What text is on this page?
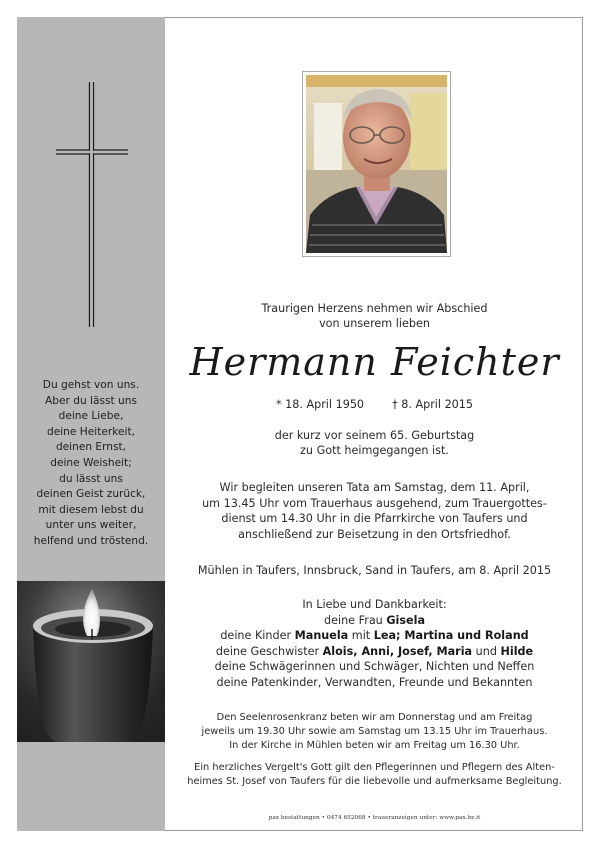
Du gehst von uns.
Aber du lässt uns
deine Liebe,
deine Heiterkeit,
deinen Ernst,
deine Weisheit;
du lässt uns
deinen Geist zurück,
mit diesem lebst du
unter uns weiter,
helfend und tröstend.
Traurigen Herzens nehmen wir Abschied
von unserem lieben
Hermann Feichter
* 18. April 1950	† 8. April 2015
der kurz vor seinem 65. Geburtstag
zu Gott heimgegangen ist.
Wir begleiten unseren Tata am Samstag, dem 11. April,
um 13.45 Uhr vom Trauerhaus ausgehend, zum Trauergottes-
dienst um 14.30 Uhr in die Pfarrkirche von Taufers und
anschließend zur Beisetzung in den Ortsfriedhof.
Mühlen in Taufers, Innsbruck, Sand in Taufers, am 8. April 2015
In Liebe und Dankbarkeit:
deine Frau Gisela
deine Kinder Manuela mit Lea; Martina und Roland
deine Geschwister Alois, Anni, Josef, Maria und Hilde
deine Schwägerinnen und Schwäger, Nichten und Neffen
deine Patenkinder, Verwandten, Freunde und Bekannten
Den Seelenrosenkranz beten wir am Donnerstag und am Freitag
jeweils um 19.30 Uhr sowie am Samstag um 13.15 Uhr im Trauerhaus.
In der Kirche in Mühlen beten wir am Freitag um 16.30 Uhr.
Ein herzliches Vergelt's Gott gilt den Pflegerinnen und Pflegern des Alten-
heimes St. Josef von Taufers für die liebevolle und aufmerksame Begleitung.
pax bestattungen • 0474 652068 • traueranzeigen unter: www.pax.bz.it
